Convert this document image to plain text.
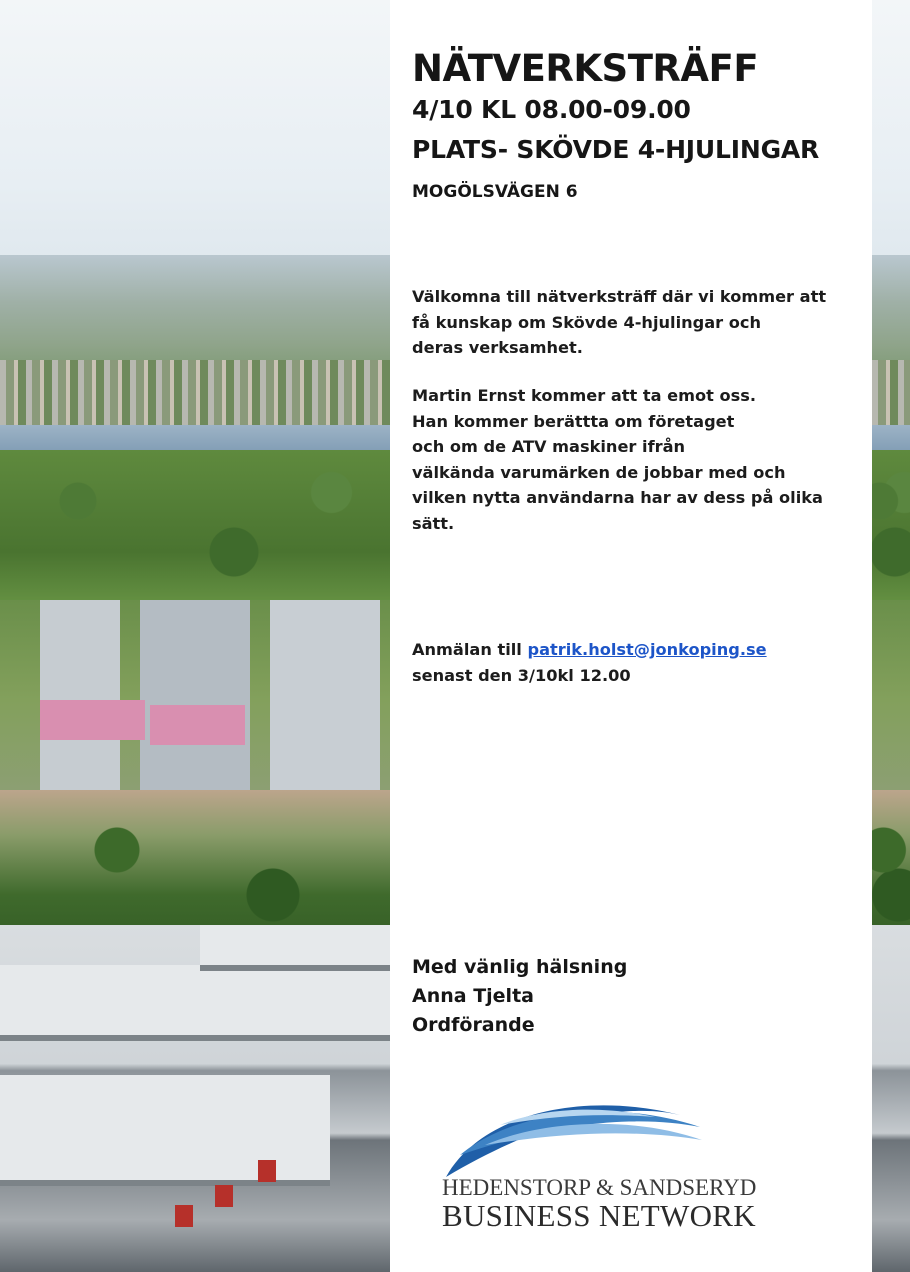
NÄTVERKSTRÄFF
4/10 KL 08.00-09.00
PLATS- SKÖVDE 4-HJULINGAR
MOGÖLSVÄGEN 6
Välkomna till nätverksträff där vi kommer att
få kunskap om Skövde 4-hjulingar och
deras verksamhet.
Martin Ernst kommer att ta emot oss.
Han kommer berättta om företaget
och om de ATV maskiner ifrån
välkända varumärken de jobbar med och
vilken nytta användarna har av dess på olika
sätt.
Anmälan till patrik.holst@jonkoping.se
senast den 3/10kl 12.00
Med vänlig hälsning
Anna Tjelta
Ordförande
HEDENSTORP & SANDSERYD
BUSINESS NETWORK
